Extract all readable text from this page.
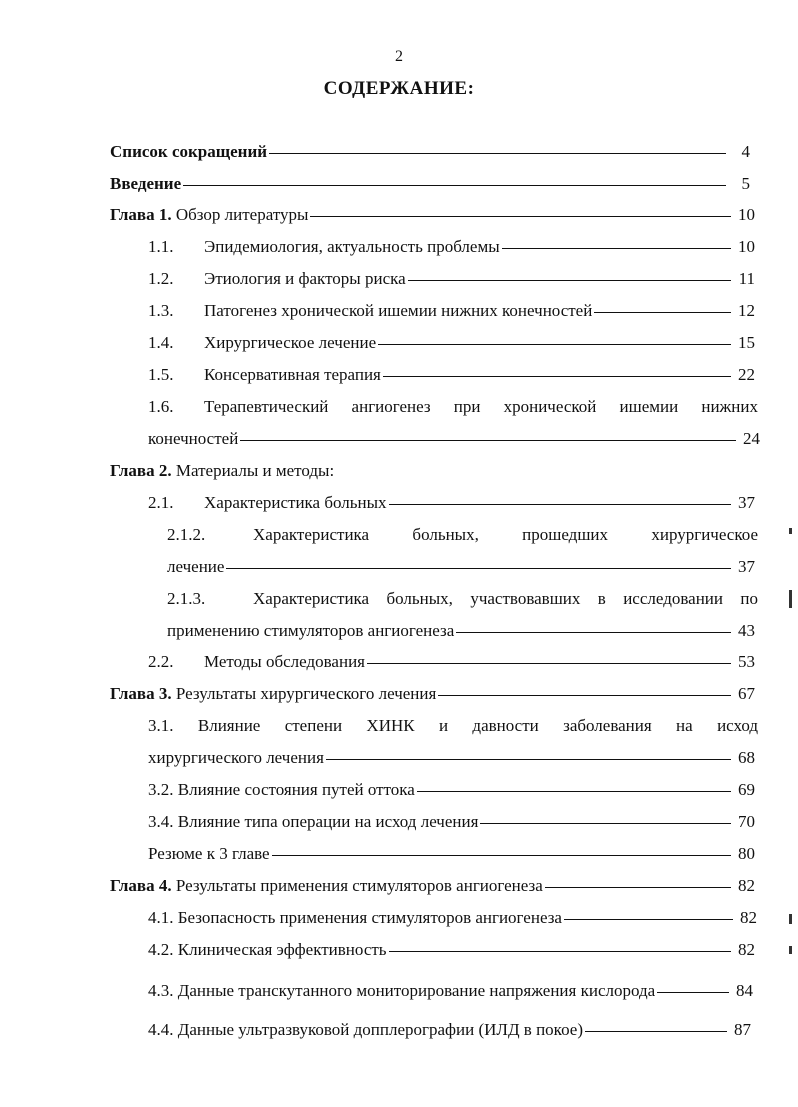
2
СОДЕРЖАНИЕ:
Список сокращений	4
Введение	5
Глава 1. Обзор литературы	10
1.1.	Эпидемиология, актуальность проблемы	10
1.2.	Этиология и факторы риска	11
1.3.	Патогенез хронической ишемии нижних конечностей	12
1.4.	Хирургическое лечение	15
1.5.	Консервативная терапия	22
1.6.	Терапевтический ангиогенез при хронической ишемии нижних
конечностей	24
Глава 2. Материалы и методы:
2.1.	Характеристика больных	37
2.1.2.	Характеристика больных, прошедших хирургическое
лечение	37
2.1.3.	Характеристика больных, участвовавших в исследовании по
применению стимуляторов ангиогенеза	43
2.2.	Методы обследования	53
Глава 3. Результаты хирургического лечения	67
3.1. Влияние степени ХИНК и давности заболевания на исход
хирургического лечения	68
3.2. Влияние состояния путей оттока	69
3.4. Влияние типа операции на исход лечения	70
Резюме к 3 главе	80
Глава 4. Результаты применения стимуляторов ангиогенеза	82
4.1. Безопасность применения стимуляторов ангиогенеза	82
4.2. Клиническая эффективность	82
4.3. Данные транскутанного мониторирование напряжения кислорода	84
4.4. Данные ультразвуковой допплерографии (ИЛД в покое)	87
